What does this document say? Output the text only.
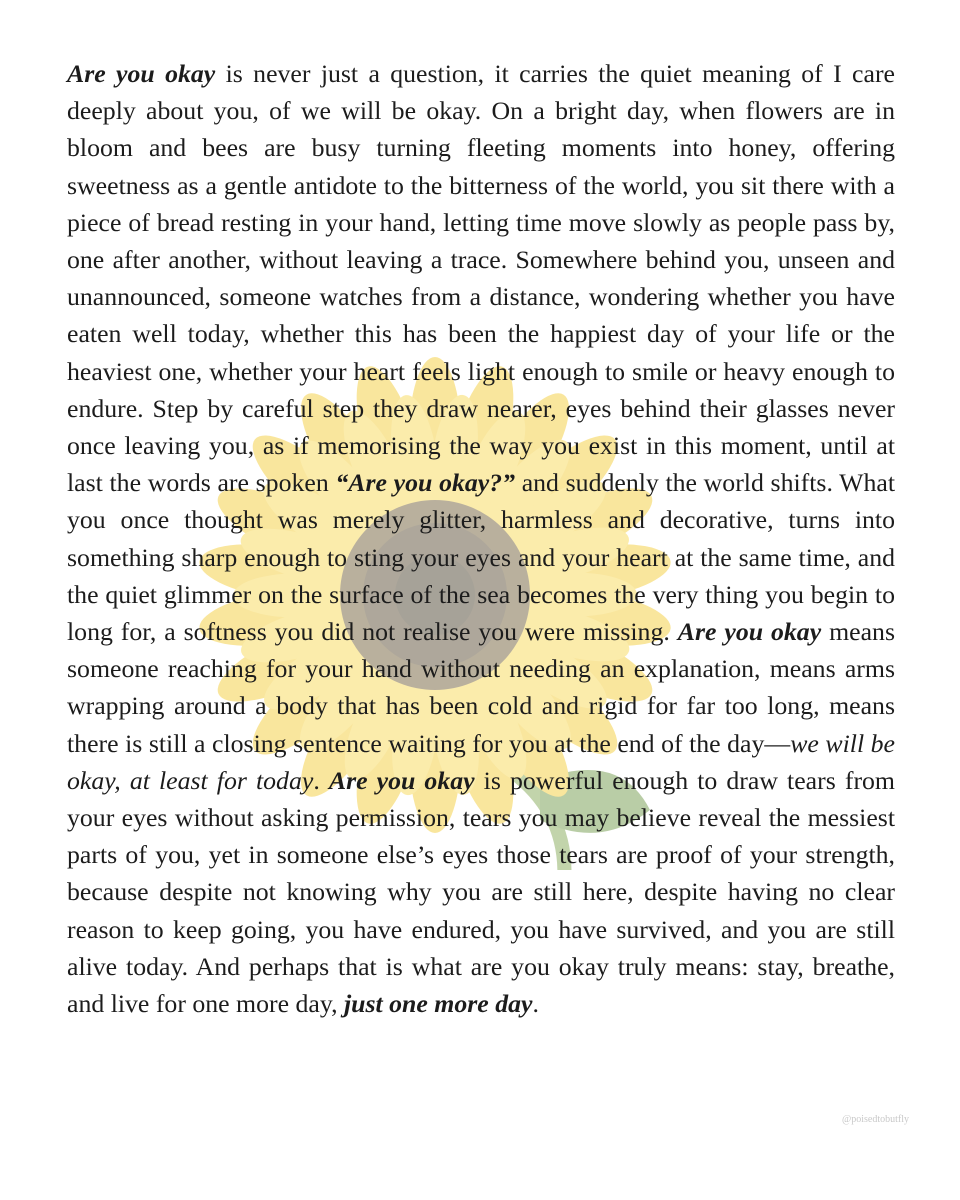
Are you okay is never just a question, it carries the quiet meaning of I care deeply about you, of we will be okay. On a bright day, when flowers are in bloom and bees are busy turning fleeting moments into honey, offering sweetness as a gentle antidote to the bitterness of the world, you sit there with a piece of bread resting in your hand, letting time move slowly as people pass by, one after another, without leaving a trace. Somewhere behind you, unseen and unannounced, someone watches from a distance, wondering whether you have eaten well today, whether this has been the happiest day of your life or the heaviest one, whether your heart feels light enough to smile or heavy enough to endure. Step by careful step they draw nearer, eyes behind their glasses never once leaving you, as if memorising the way you exist in this moment, until at last the words are spoken “Are you okay?” and suddenly the world shifts. What you once thought was merely glitter, harmless and decorative, turns into something sharp enough to sting your eyes and your heart at the same time, and the quiet glimmer on the surface of the sea becomes the very thing you begin to long for, a softness you did not realise you were missing. Are you okay means someone reaching for your hand without needing an explanation, means arms wrapping around a body that has been cold and rigid for far too long, means there is still a closing sentence waiting for you at the end of the day—we will be okay, at least for today. Are you okay is powerful enough to draw tears from your eyes without asking permission, tears you may believe reveal the messiest parts of you, yet in someone else’s eyes those tears are proof of your strength, because despite not knowing why you are still here, despite having no clear reason to keep going, you have endured, you have survived, and you are still alive today. And perhaps that is what are you okay truly means: stay, breathe, and live for one more day, just one more day.

@poisedtobutfly
